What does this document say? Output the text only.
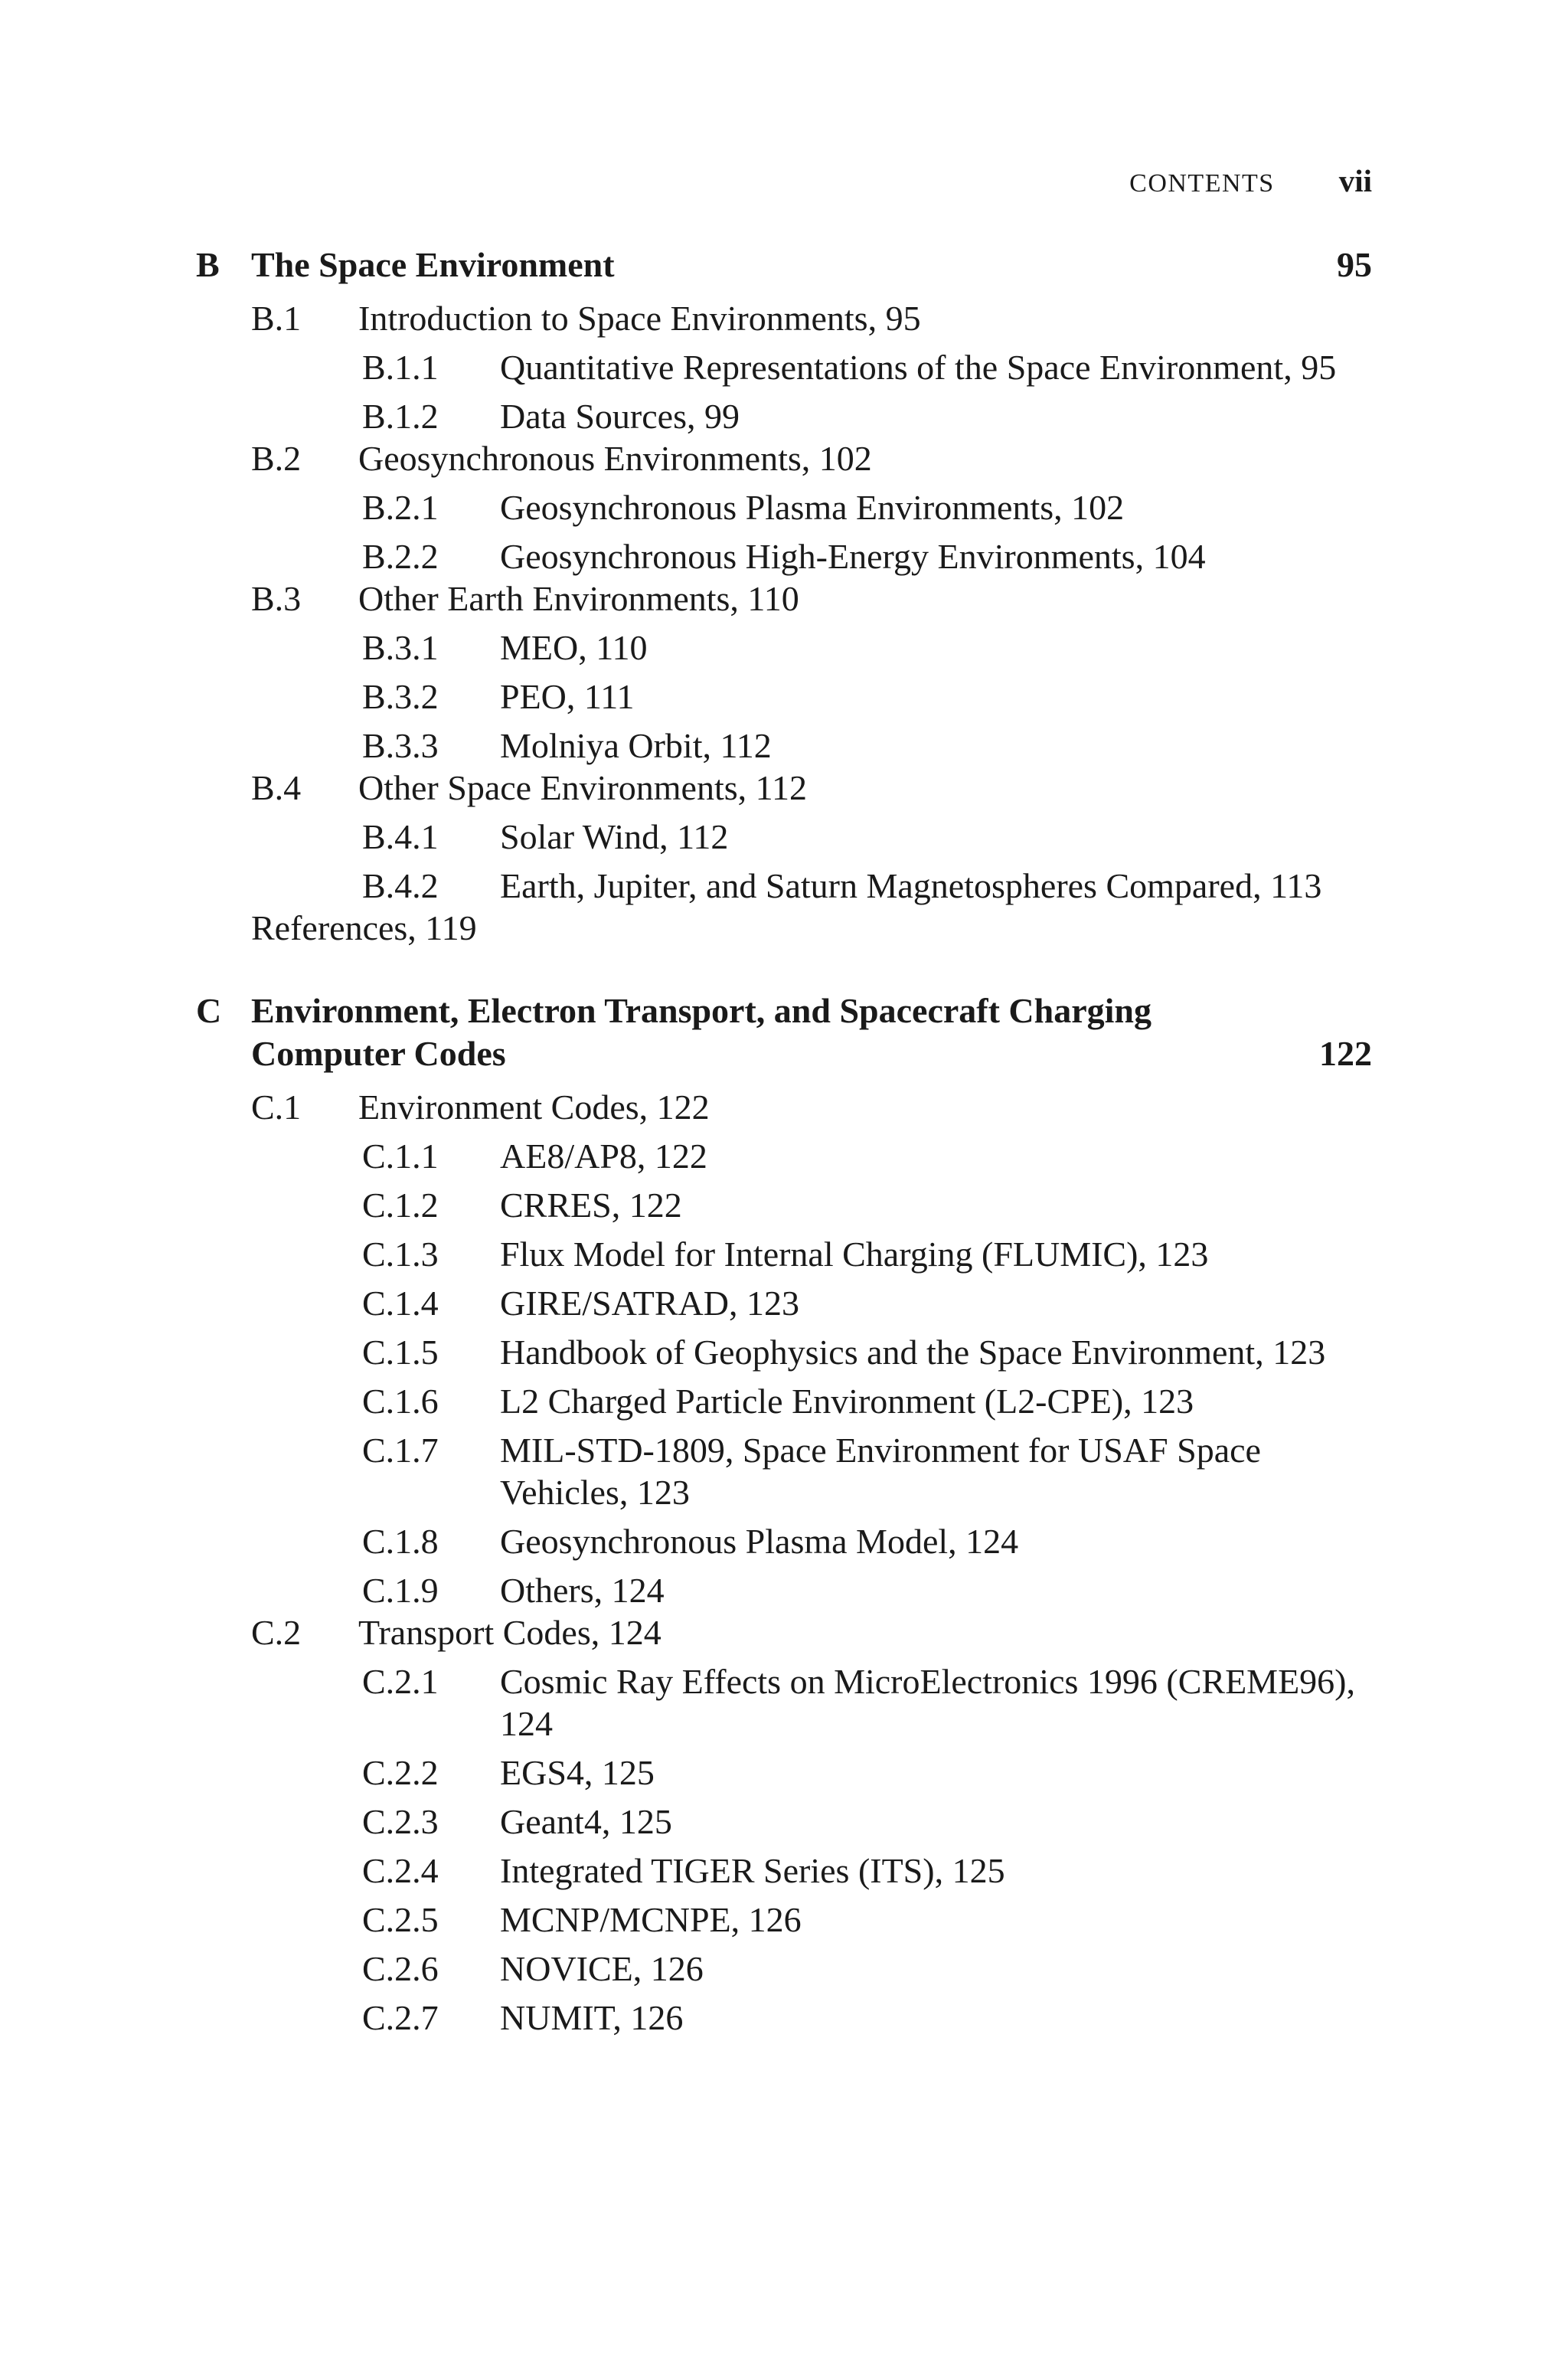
CONTENTS vii
B The Space Environment	95
B.1 Introduction to Space Environments, 95
B.1.1 Quantitative Representations of the Space Environment, 95
B.1.2 Data Sources, 99
B.2 Geosynchronous Environments, 102
B.2.1 Geosynchronous Plasma Environments, 102
B.2.2 Geosynchronous High-Energy Environments, 104
B.3 Other Earth Environments, 110
B.3.1 MEO, 110
B.3.2 PEO, 111
B.3.3 Molniya Orbit, 112
B.4 Other Space Environments, 112
B.4.1 Solar Wind, 112
B.4.2 Earth, Jupiter, and Saturn Magnetospheres Compared, 113
References, 119
C Environment, Electron Transport, and Spacecraft Charging Computer Codes	122
C.1 Environment Codes, 122
C.1.1 AE8/AP8, 122
C.1.2 CRRES, 122
C.1.3 Flux Model for Internal Charging (FLUMIC), 123
C.1.4 GIRE/SATRAD, 123
C.1.5 Handbook of Geophysics and the Space Environment, 123
C.1.6 L2 Charged Particle Environment (L2-CPE), 123
C.1.7 MIL-STD-1809, Space Environment for USAF Space Vehicles, 123
C.1.8 Geosynchronous Plasma Model, 124
C.1.9 Others, 124
C.2 Transport Codes, 124
C.2.1 Cosmic Ray Effects on MicroElectronics 1996 (CREME96), 124
C.2.2 EGS4, 125
C.2.3 Geant4, 125
C.2.4 Integrated TIGER Series (ITS), 125
C.2.5 MCNP/MCNPE, 126
C.2.6 NOVICE, 126
C.2.7 NUMIT, 126
